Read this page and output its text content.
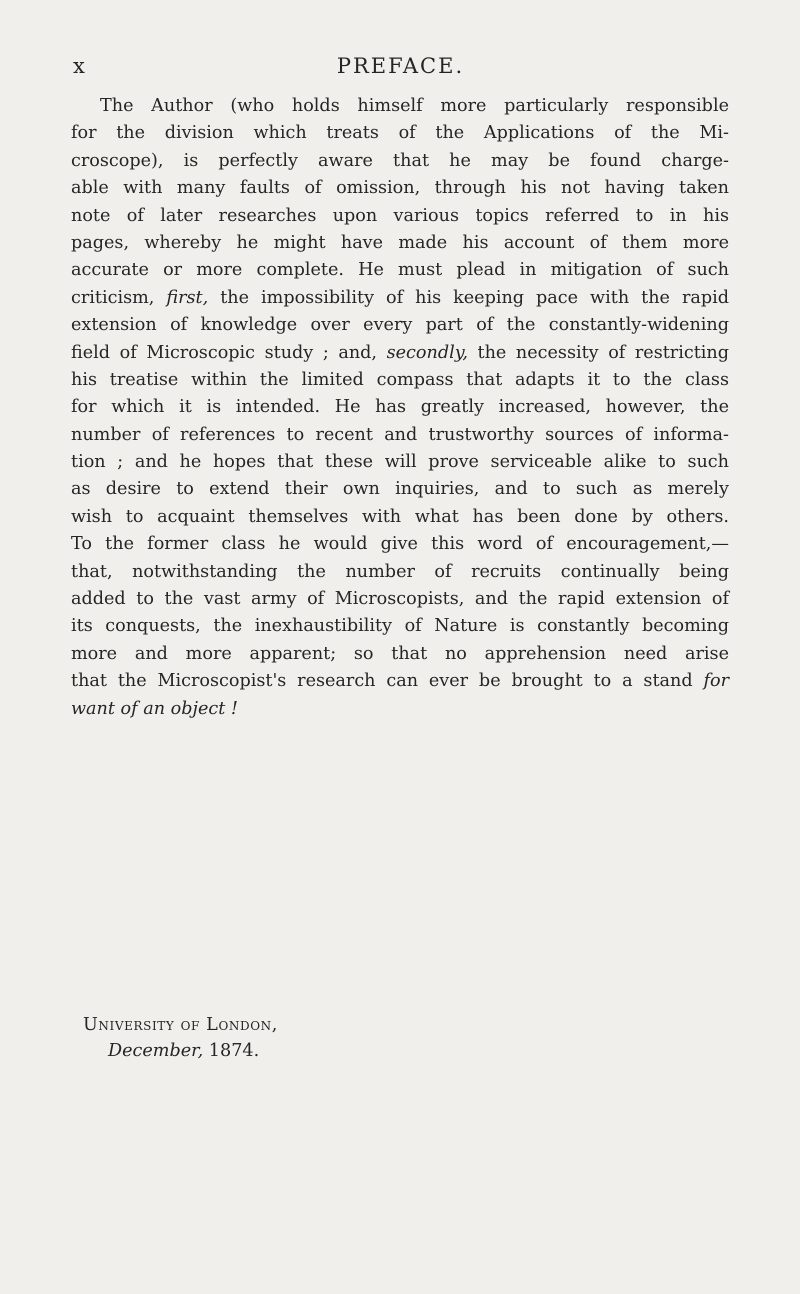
x	PREFACE.
The Author (who holds himself more particularly responsible
for the division which treats of the Applications of the Mi-
croscope), is perfectly aware that he may be found charge-
able with many faults of omission, through his not having taken
note of later researches upon various topics referred to in his
pages, whereby he might have made his account of them more
accurate or more complete. He must plead in mitigation of such
criticism, first, the impossibility of his keeping pace with the rapid
extension of knowledge over every part of the constantly-widening
field of Microscopic study ; and, secondly, the necessity of restricting
his treatise within the limited compass that adapts it to the class
for which it is intended. He has greatly increased, however, the
number of references to recent and trustworthy sources of informa-
tion ; and he hopes that these will prove serviceable alike to such
as desire to extend their own inquiries, and to such as merely
wish to acquaint themselves with what has been done by others.
To the former class he would give this word of encouragement,—
that, notwithstanding the number of recruits continually being
added to the vast army of Microscopists, and the rapid extension of
its conquests, the inexhaustibility of Nature is constantly becoming
more and more apparent; so that no apprehension need arise
that the Microscopist's research can ever be brought to a stand for
want of an object !
University of London,
December, 1874.
